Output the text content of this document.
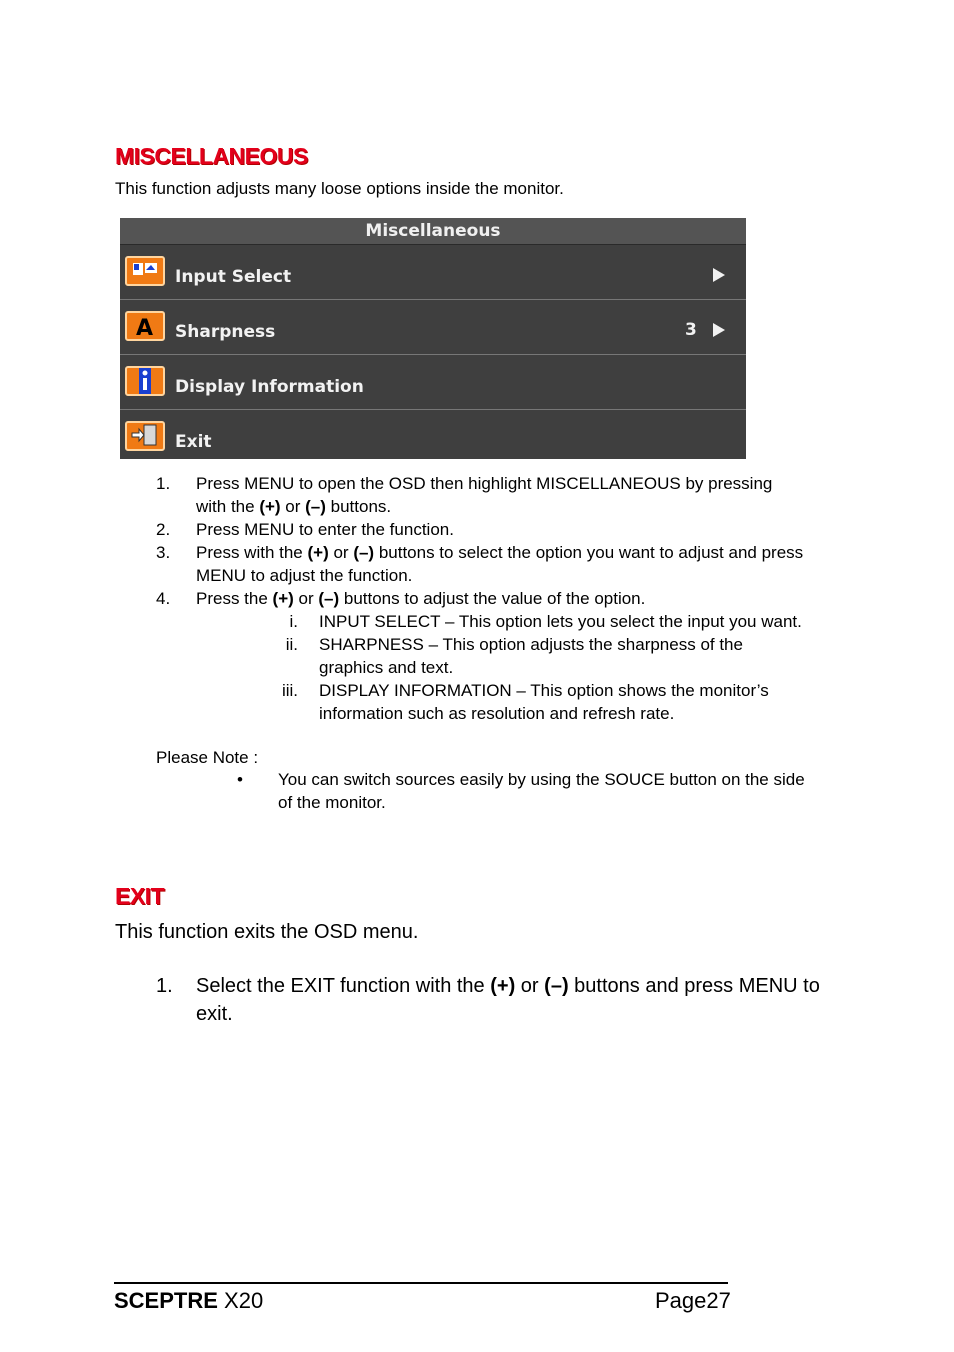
MISCELLANEOUS
This function adjusts many loose options inside the monitor.
Miscellaneous
Input Select
A Sharpness	3
Display Information
Exit
1. Press MENU to open the OSD then highlight MISCELLANEOUS by pressing
with the (+) or (–) buttons.
2. Press MENU to enter the function.
3. Press with the (+) or (–) buttons to select the option you want to adjust and press
MENU to adjust the function.
4. Press the (+) or (–) buttons to adjust the value of the option.
i. INPUT SELECT – This option lets you select the input you want.
ii. SHARPNESS – This option adjusts the sharpness of the
graphics and text.
iii. DISPLAY INFORMATION – This option shows the monitor’s
information such as resolution and refresh rate.
Please Note :
• You can switch sources easily by using the SOUCE button on the side
of the monitor.
EXIT
This function exits the OSD menu.
1. Select the EXIT function with the (+) or (–) buttons and press MENU to
exit.
SCEPTRE X20	Page27
